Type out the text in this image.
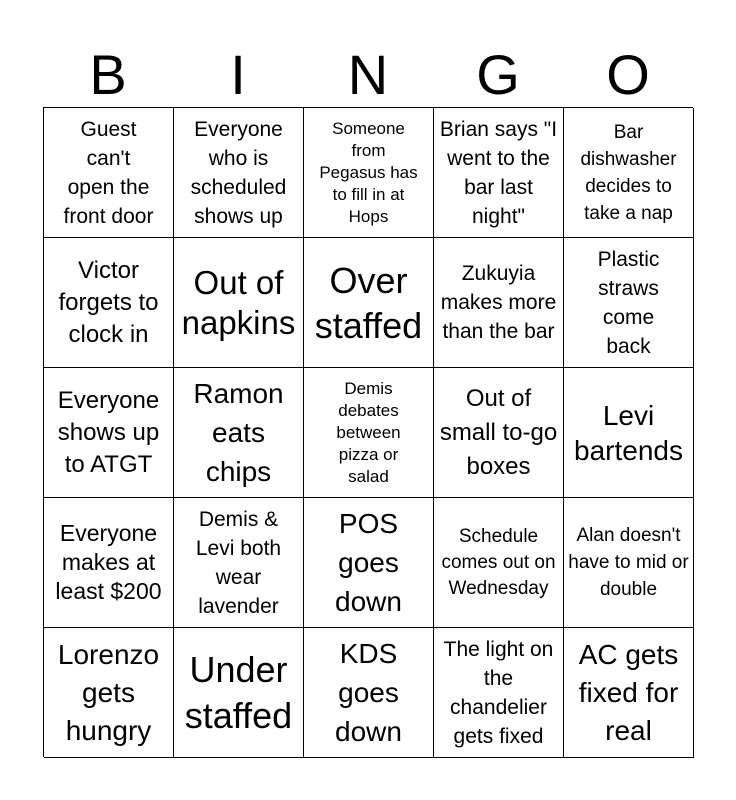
B	I	N	G	O
Guest can't open the front door
Everyone who is scheduled shows up
Someone from Pegasus has to fill in at Hops
Brian says "I went to the bar last night"
Bar dishwasher decides to take a nap
Victor forgets to clock in
Out of napkins
Over staffed
Zukuyia makes more than the bar
Plastic straws come back
Everyone shows up to ATGT
Ramon eats chips
Demis debates between pizza or salad
Out of small to-go boxes
Levi bartends
Everyone makes at least $200
Demis & Levi both wear lavender
POS goes down
Schedule comes out on Wednesday
Alan doesn't have to mid or double
Lorenzo gets hungry
Under staffed
KDS goes down
The light on the chandelier gets fixed
AC gets fixed for real
